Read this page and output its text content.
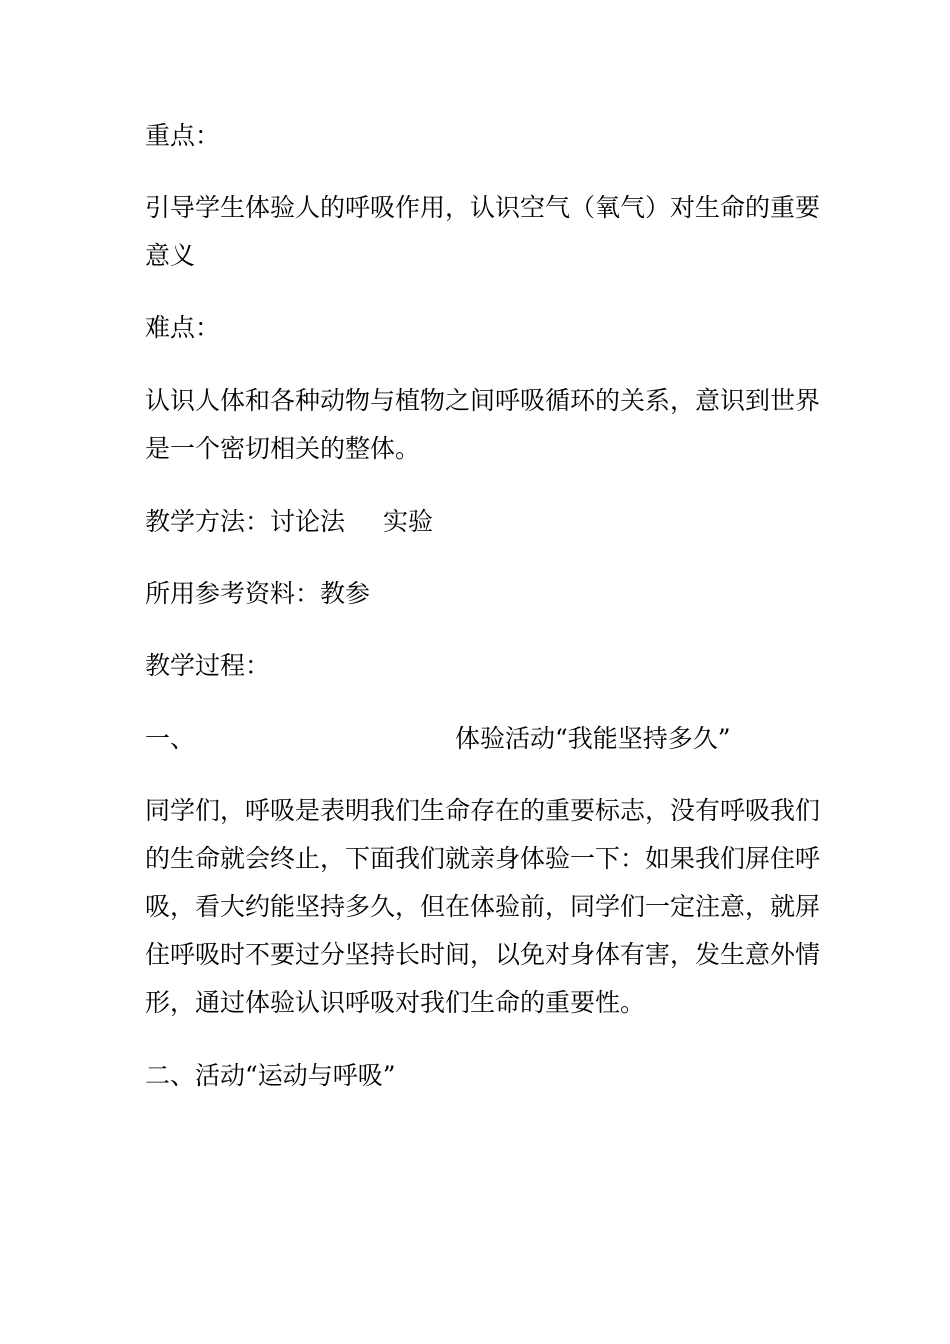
重点：
引导学生体验人的呼吸作用，认识空气（氧气）对生命的重要
意义
难点：
认识人体和各种动物与植物之间呼吸循环的关系，意识到世界
是一个密切相关的整体。
教学方法：讨论法 实验
所用参考资料：教参
教学过程：
一、	体验活动“我能坚持多久”
同学们，呼吸是表明我们生命存在的重要标志，没有呼吸我们
的生命就会终止，下面我们就亲身体验一下：如果我们屏住呼
吸，看大约能坚持多久，但在体验前，同学们一定注意，就屏
住呼吸时不要过分坚持长时间，以免对身体有害，发生意外情
形，通过体验认识呼吸对我们生命的重要性。
二、活动“运动与呼吸”
